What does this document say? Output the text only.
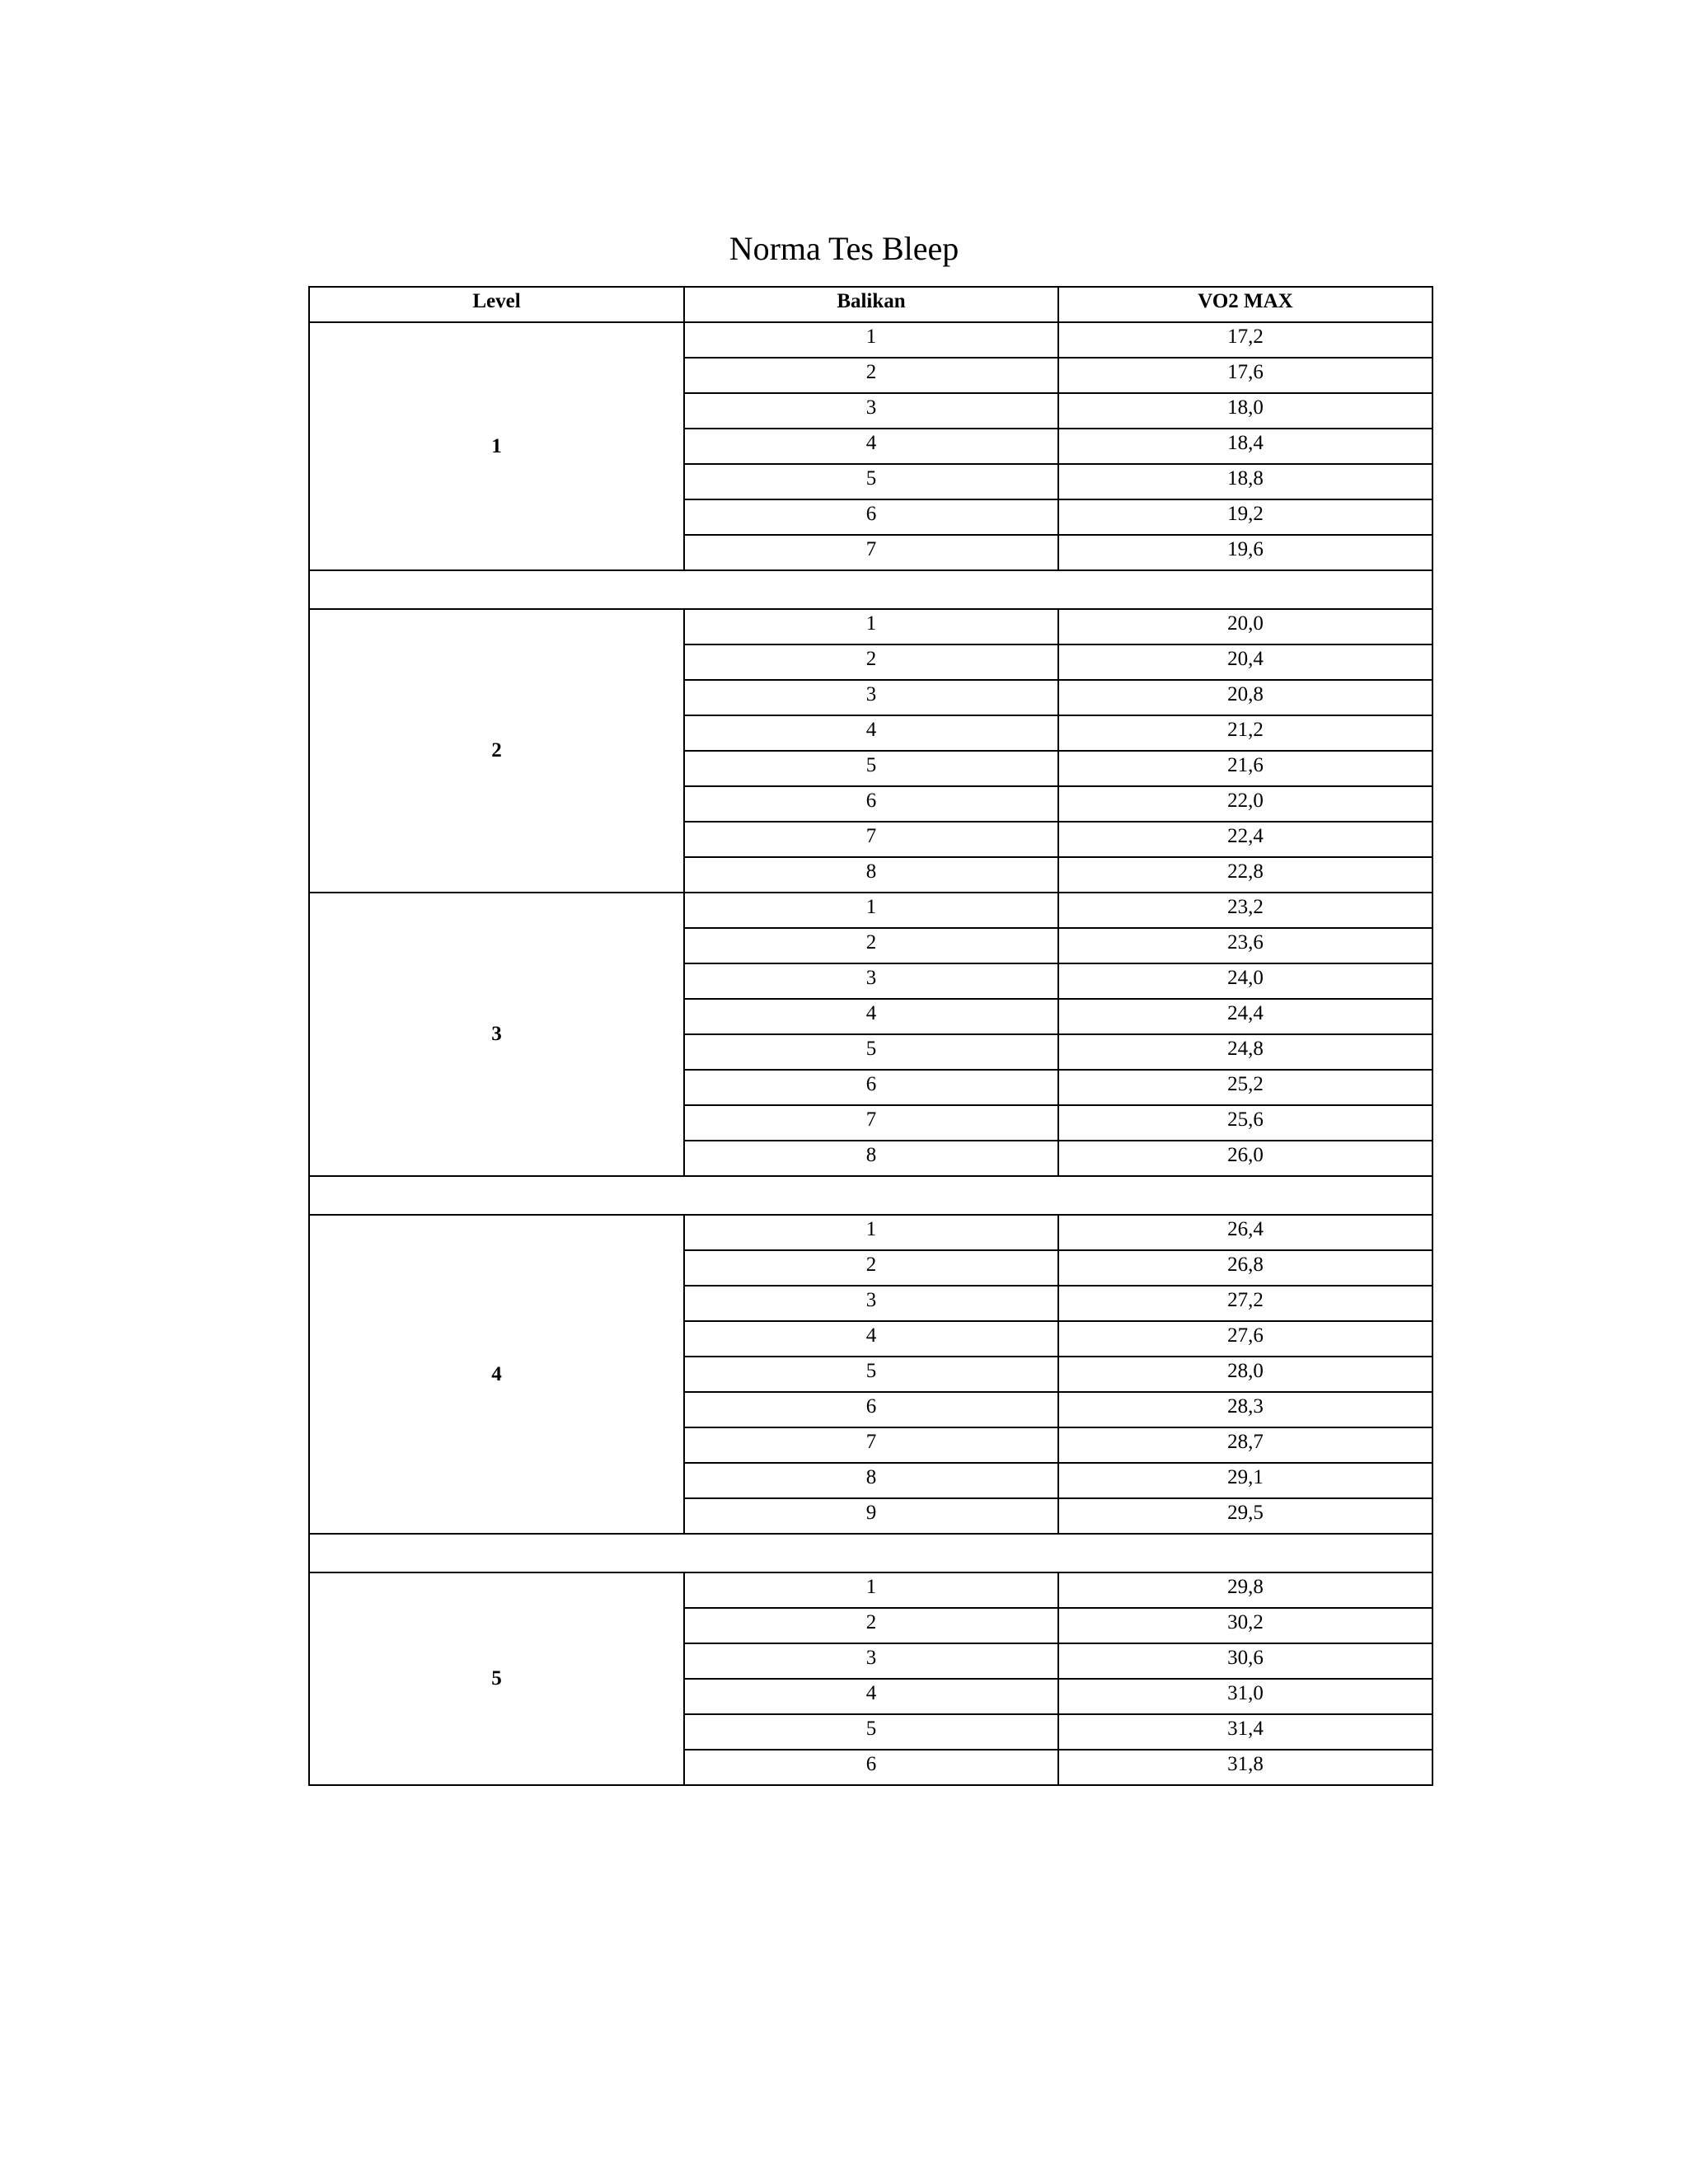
Norma Tes Bleep
Level	Balikan	VO2 MAX
1	1	17,2
	2	17,6
	3	18,0
	4	18,4
	5	18,8
	6	19,2
	7	19,6

2	1	20,0
	2	20,4
	3	20,8
	4	21,2
	5	21,6
	6	22,0
	7	22,4
	8	22,8
3	1	23,2
	2	23,6
	3	24,0
	4	24,4
	5	24,8
	6	25,2
	7	25,6
	8	26,0

4	1	26,4
	2	26,8
	3	27,2
	4	27,6
	5	28,0
	6	28,3
	7	28,7
	8	29,1
	9	29,5

5	1	29,8
	2	30,2
	3	30,6
	4	31,0
	5	31,4
	6	31,8
